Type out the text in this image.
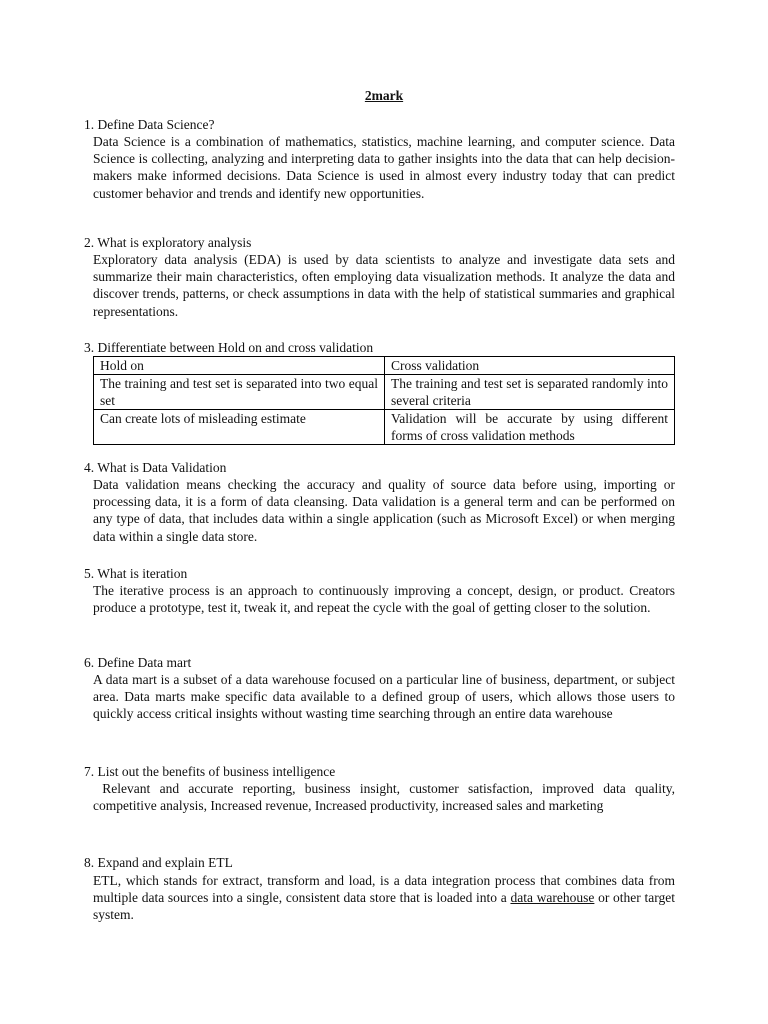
2mark
1. Define Data Science?

Data Science is a combination of mathematics, statistics, machine learning, and computer science. Data Science is collecting, analyzing and interpreting data to gather insights into the data that can help decision-makers make informed decisions. Data Science is used in almost every industry today that can predict customer behavior and trends and identify new opportunities.

2. What is exploratory analysis

Exploratory data analysis (EDA) is used by data scientists to analyze and investigate data sets and summarize their main characteristics, often employing data visualization methods. It analyze the data and discover trends, patterns, or check assumptions in data with the help of statistical summaries and graphical representations.

3. Differentiate between Hold on and cross validation
Hold on	Cross validation
The training and test set is separated into two equal set	The training and test set is separated randomly into several criteria
Can create lots of misleading estimate	Validation will be accurate by using different forms of cross validation methods
4. What is Data Validation

Data validation means checking the accuracy and quality of source data before using, importing or processing data, it is a form of data cleansing. Data validation is a general term and can be performed on any type of data, that includes data within a single application (such as Microsoft Excel) or when merging data within a single data store.

5. What is iteration

The iterative process is an approach to continuously improving a concept, design, or product. Creators produce a prototype, test it, tweak it, and repeat the cycle with the goal of getting closer to the solution.

6. Define Data mart

A data mart is a subset of a data warehouse focused on a particular line of business, department, or subject area. Data marts make specific data available to a defined group of users, which allows those users to quickly access critical insights without wasting time searching through an entire data warehouse

7. List out the benefits of business intelligence

Relevant and accurate reporting, business insight, customer satisfaction, improved data quality, competitive analysis, Increased revenue, Increased productivity, increased sales and marketing

8. Expand and explain ETL

ETL, which stands for extract, transform and load, is a data integration process that combines data from multiple data sources into a single, consistent data store that is loaded into a data warehouse or other target system.
